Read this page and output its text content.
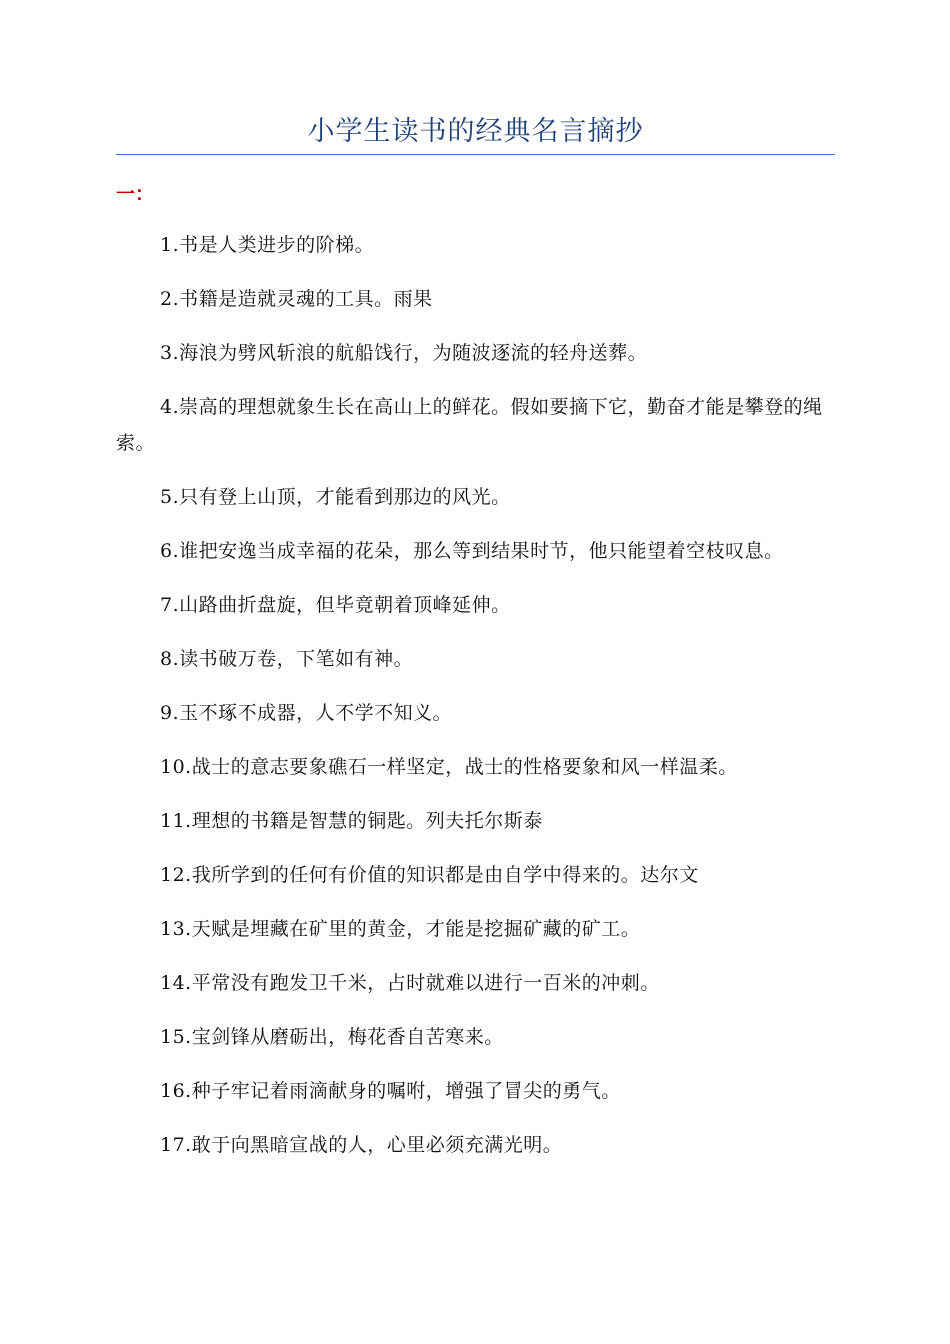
小学生读书的经典名言摘抄
一：
1.书是人类进步的阶梯。
2.书籍是造就灵魂的工具。雨果
3.海浪为劈风斩浪的航船饯行，为随波逐流的轻舟送葬。
4.崇高的理想就象生长在高山上的鲜花。假如要摘下它，勤奋才能是攀登的绳索。
5.只有登上山顶，才能看到那边的风光。
6.谁把安逸当成幸福的花朵，那么等到结果时节，他只能望着空枝叹息。
7.山路曲折盘旋，但毕竟朝着顶峰延伸。
8.读书破万卷，下笔如有神。
9.玉不琢不成器，人不学不知义。
10.战士的意志要象礁石一样坚定，战士的性格要象和风一样温柔。
11.理想的书籍是智慧的铜匙。列夫托尔斯泰
12.我所学到的任何有价值的知识都是由自学中得来的。达尔文
13.天赋是埋藏在矿里的黄金，才能是挖掘矿藏的矿工。
14.平常没有跑发卫千米，占时就难以进行一百米的冲刺。
15.宝剑锋从磨砺出，梅花香自苦寒来。
16.种子牢记着雨滴献身的嘱咐，增强了冒尖的勇气。
17.敢于向黑暗宣战的人，心里必须充满光明。
